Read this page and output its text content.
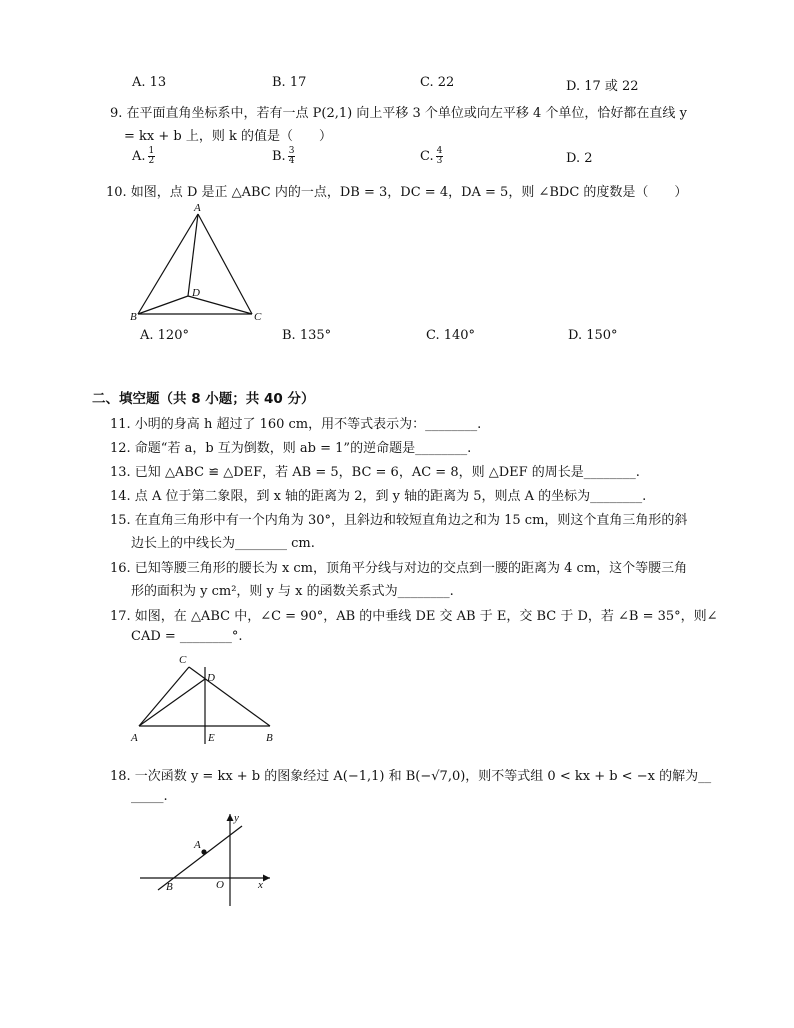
A. 13	B. 17	C. 22	D. 17 或 22
9. 在平面直角坐标系中，若有一点 P(2,1) 向上平移 3 个单位或向左平移 4 个单位，恰好都在直线 y
= kx + b 上，则 k 的值是（　　）
A. $\frac{1}{2}$	B. $\frac{3}{4}$	C. $\frac{4}{3}$	D. 2
10. 如图，点 D 是正 △ABC 内的一点，DB = 3，DC = 4，DA = 5，则 ∠BDC 的度数是（　　）
A
B	C
D
A. 120°	B. 135°	C. 140°	D. 150°
二、填空题（共 8 小题；共 40 分）
11. 小明的身高 h 超过了 160 cm，用不等式表示为：________.
12. 命题“若 a，b 互为倒数，则 ab = 1”的逆命题是________.
13. 已知 △ABC ≌ △DEF，若 AB = 5，BC = 6，AC = 8，则 △DEF 的周长是________.
14. 点 A 位于第二象限，到 x 轴的距离为 2，到 y 轴的距离为 5，则点 A 的坐标为________.
15. 在直角三角形中有一个内角为 30°，且斜边和较短直角边之和为 15 cm，则这个直角三角形的斜
边长上的中线长为________ cm.
16. 已知等腰三角形的腰长为 x cm，顶角平分线与对边的交点到一腰的距离为 4 cm，这个等腰三角
形的面积为 y cm²，则 y 与 x 的函数关系式为________.
17. 如图，在 △ABC 中，∠C = 90°，AB 的中垂线 DE 交 AB 于 E，交 BC 于 D，若 ∠B = 35°，则∠
CAD = ________°.
C
D
A	E	B
18. 一次函数 y = kx + b 的图象经过 A(−1,1) 和 B(−√7,0)，则不等式组 0 < kx + b < −x 的解为__
_____.
y
x
A
B	O
